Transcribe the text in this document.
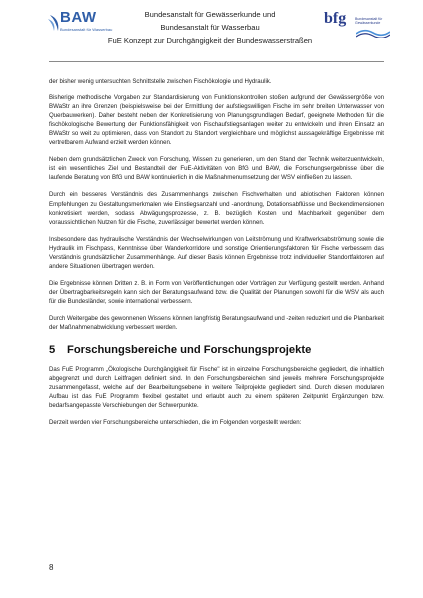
BAW
Bundesanstalt für Wasserbau
Bundesanstalt für Gewässerkunde und
Bundesanstalt für Wasserbau
FuE Konzept zur Durchgängigkeit der Bundeswasserstraßen
bfg	Bundesanstalt für Gewässerkunde

der bisher wenig untersuchten Schnittstelle zwischen Fischökologie und Hydraulik.

Bisherige methodische Vorgaben zur Standardisierung von Funktionskontrollen stoßen aufgrund der Gewässergröße von BWaStr an ihre Grenzen (beispielsweise bei der Ermittlung der aufstiegswilligen Fische im sehr breiten Unterwasser von Querbauwerken). Daher besteht neben der Konkretisierung von Planungsgrundlagen Bedarf, geeignete Methoden für die fischökologische Bewertung der Funktionsfähigkeit von Fischaufstiegsanlagen weiter zu entwickeln und ihren Einsatz an BWaStr so weit zu optimieren, dass von Standort zu Standort vergleichbare und möglichst aussagekräftige Ergebnisse mit vertretbarem Aufwand erzielt werden können.

Neben dem grundsätzlichen Zweck von Forschung, Wissen zu generieren, um den Stand der Technik weiterzuentwickeln, ist ein wesentliches Ziel und Bestandteil der FuE-Aktivitäten von BfG und BAW, die Forschungsergebnisse über die laufende Beratung von BfG und BAW kontinuierlich in die Maßnahmenumsetzung der WSV einfließen zu lassen.

Durch ein besseres Verständnis des Zusammenhangs zwischen Fischverhalten und abiotischen Faktoren können Empfehlungen zu Gestaltungsmerkmalen wie Einstiegsanzahl und -anordnung, Dotationsabflüsse und Beckendimensionen konkretisiert werden, sodass Abwägungsprozesse, z. B. bezüglich Kosten und Machbarkeit gegenüber dem voraussichtlichen Nutzen für die Fische, zuverlässiger bewertet werden können.

Insbesondere das hydraulische Verständnis der Wechselwirkungen von Leitströmung und Kraftwerksabströmung sowie die Hydraulik im Fischpass, Kenntnisse über Wanderkorridore und sonstige Orientierungsfaktoren für Fische verbessern das Verständnis grundsätzlicher Zusammenhänge. Auf dieser Basis können Ergebnisse trotz individueller Standortfaktoren auf andere Situationen übertragen werden.

Die Ergebnisse können Dritten z. B. in Form von Veröffentlichungen oder Vorträgen zur Verfügung gestellt werden. Anhand der Übertragbarkeitsregeln kann sich der Beratungsaufwand bzw. die Qualität der Planungen sowohl für die WSV als auch für die Bundesländer, sowie international verbessern.

Durch Weitergabe des gewonnenen Wissens können langfristig Beratungsaufwand und -zeiten reduziert und die Planbarkeit der Maßnahmenabwicklung verbessert werden.

5	Forschungsbereiche und Forschungsprojekte

Das FuE Programm „Ökologische Durchgängigkeit für Fische" ist in einzelne Forschungsbereiche gegliedert, die inhaltlich abgegrenzt und durch Leitfragen definiert sind. In den Forschungsbereichen sind jeweils mehrere Forschungsprojekte zusammengefasst, welche auf der Bearbeitungsebene in weitere Teilprojekte gegliedert sind. Durch diesen modularen Aufbau ist das FuE Programm flexibel gestaltet und erlaubt auch zu einem späteren Zeitpunkt Ergänzungen bzw. bedarfsangepasste Verschiebungen der Schwerpunkte.

Derzeit werden vier Forschungsbereiche unterschieden, die im Folgenden vorgestellt werden:

8
